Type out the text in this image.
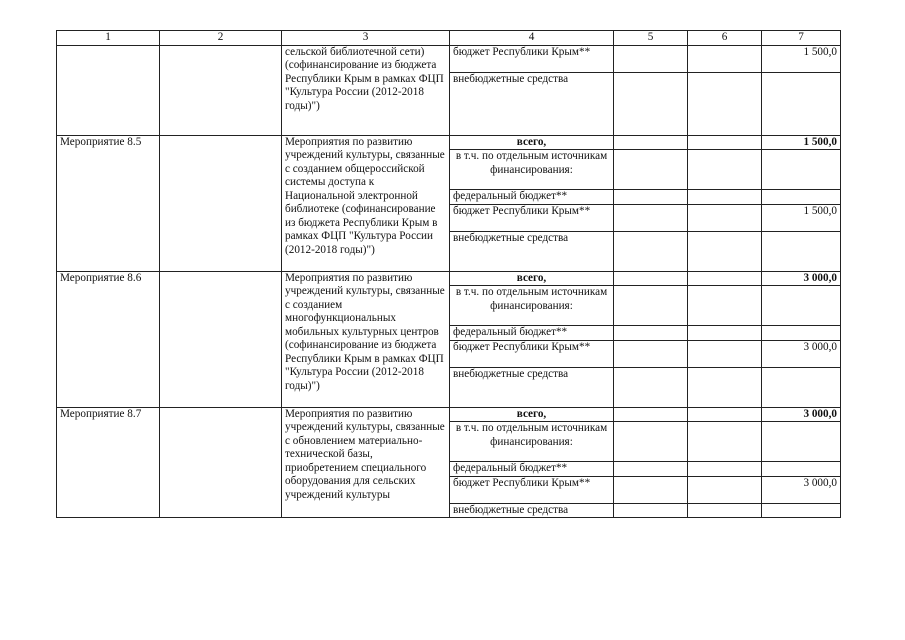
1	2	3	4	5	6	7
		сельской библиотечной сети) (софинансирование из бюджета Республики Крым в рамках ФЦП "Культура России (2012-2018 годы)")	бюджет Республики Крым**			1 500,0
			внебюджетные средства			
Мероприятие 8.5		Мероприятия по развитию учреждений культуры, связанные с созданием общероссийской системы доступа к Национальной электронной библиотеке (софинансирование из бюджета Республики Крым в рамках ФЦП "Культура России (2012-2018 годы)")	всего,			1 500,0
			в т.ч. по отдельным источникам финансирования:			
			федеральный бюджет**			
			бюджет Республики Крым**			1 500,0
			внебюджетные средства			
Мероприятие 8.6		Мероприятия по развитию учреждений культуры, связанные с созданием многофункциональных мобильных культурных центров (софинансирование из бюджета Республики Крым в рамках ФЦП "Культура России (2012-2018 годы)")	всего,			3 000,0
			в т.ч. по отдельным источникам финансирования:			
			федеральный бюджет**			
			бюджет Республики Крым**			3 000,0
			внебюджетные средства			
Мероприятие 8.7		Мероприятия по развитию учреждений культуры, связанные с обновлением материально-технической базы, приобретением специального оборудования для сельских учреждений культуры	всего,			3 000,0
			в т.ч. по отдельным источникам финансирования:			
			федеральный бюджет**			
			бюджет Республики Крым**			3 000,0
			внебюджетные средства			
